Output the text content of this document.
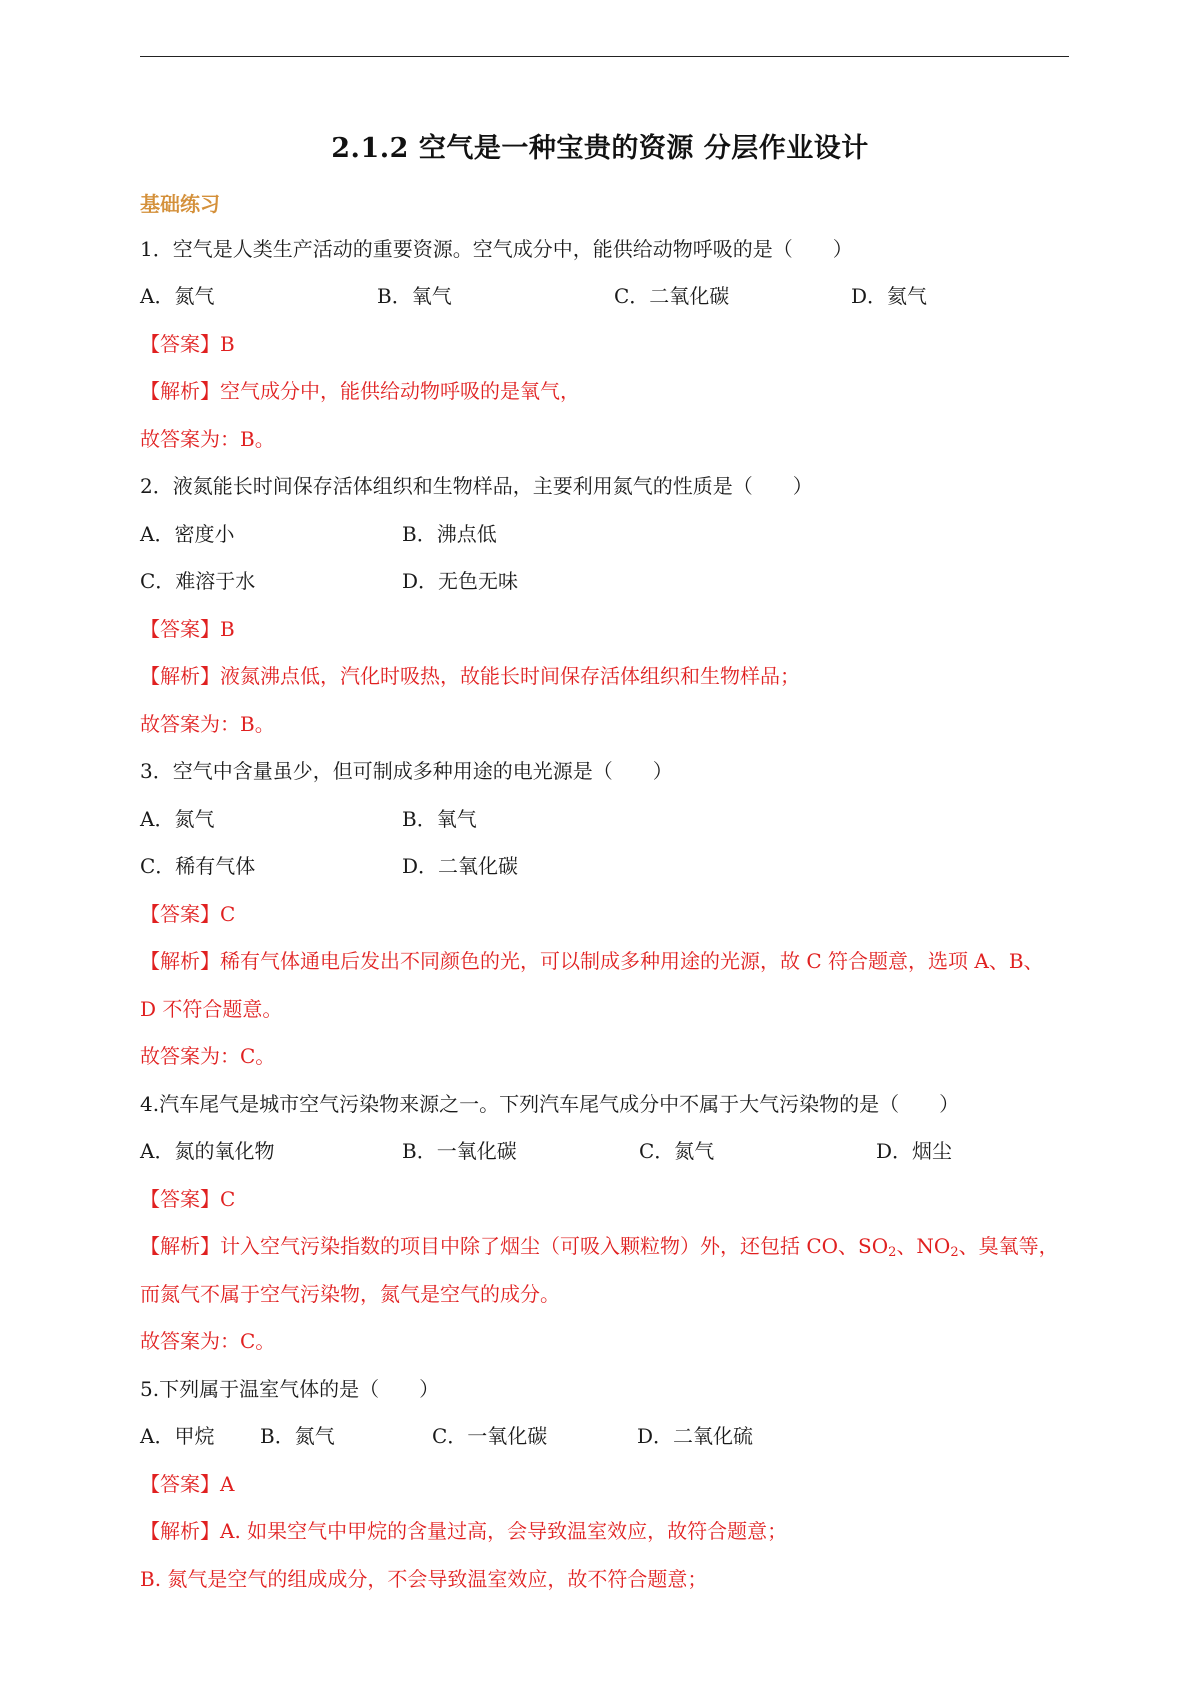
2.1.2 空气是一种宝贵的资源 分层作业设计
基础练习
1．空气是人类生产活动的重要资源。空气成分中，能供给动物呼吸的是（　　）
A．氮气	B．氧气	C．二氧化碳	D．氦气
【答案】B
【解析】空气成分中，能供给动物呼吸的是氧气，
故答案为：B。
2．液氮能长时间保存活体组织和生物样品，主要利用氮气的性质是（　　）
A．密度小	B．沸点低
C．难溶于水	D．无色无味
【答案】B
【解析】液氮沸点低，汽化时吸热，故能长时间保存活体组织和生物样品；
故答案为：B。
3．空气中含量虽少，但可制成多种用途的电光源是（　　）
A．氮气	B．氧气
C．稀有气体	D．二氧化碳
【答案】C
【解析】稀有气体通电后发出不同颜色的光，可以制成多种用途的光源，故 C 符合题意，选项 A、B、
D 不符合题意。
故答案为：C。
4.汽车尾气是城市空气污染物来源之一。下列汽车尾气成分中不属于大气污染物的是（　　）
A．氮的氧化物	B．一氧化碳	C．氮气	D．烟尘
【答案】C
【解析】计入空气污染指数的项目中除了烟尘（可吸入颗粒物）外，还包括 CO、$SO_2$、$NO_2$、臭氧等，
而氮气不属于空气污染物，氮气是空气的成分。
故答案为：C。
5.下列属于温室气体的是（　　）
A．甲烷 B．氮气	C．一氧化碳	D．二氧化硫
【答案】A
【解析】A. 如果空气中甲烷的含量过高，会导致温室效应，故符合题意；
B. 氮气是空气的组成成分，不会导致温室效应，故不符合题意；
